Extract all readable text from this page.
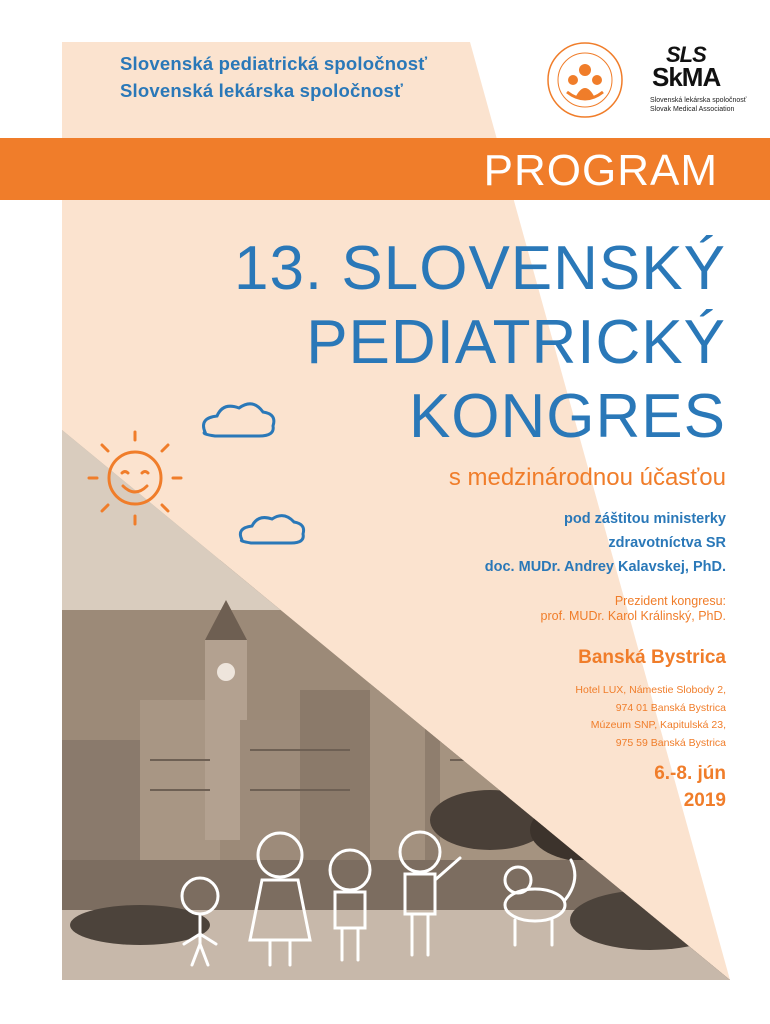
Slovenská pediatrická spoločnosť
Slovenská lekárska spoločnosť
SLS
SkMA
Slovenská lekárska spoločnosť
Slovak Medical Association
PROGRAM
13. SLOVENSKÝ
PEDIATRICKÝ
KONGRES
s medzinárodnou účasťou
pod záštitou ministerky
zdravotníctva SR
doc. MUDr. Andrey Kalavskej, PhD.
Prezident kongresu:
prof. MUDr. Karol Králinský, PhD.
Banská Bystrica
Hotel LUX, Námestie Slobody 2,
974 01 Banská Bystrica
Múzeum SNP, Kapitulská 23,
975 59 Banská Bystrica
6.-8. jún
2019
